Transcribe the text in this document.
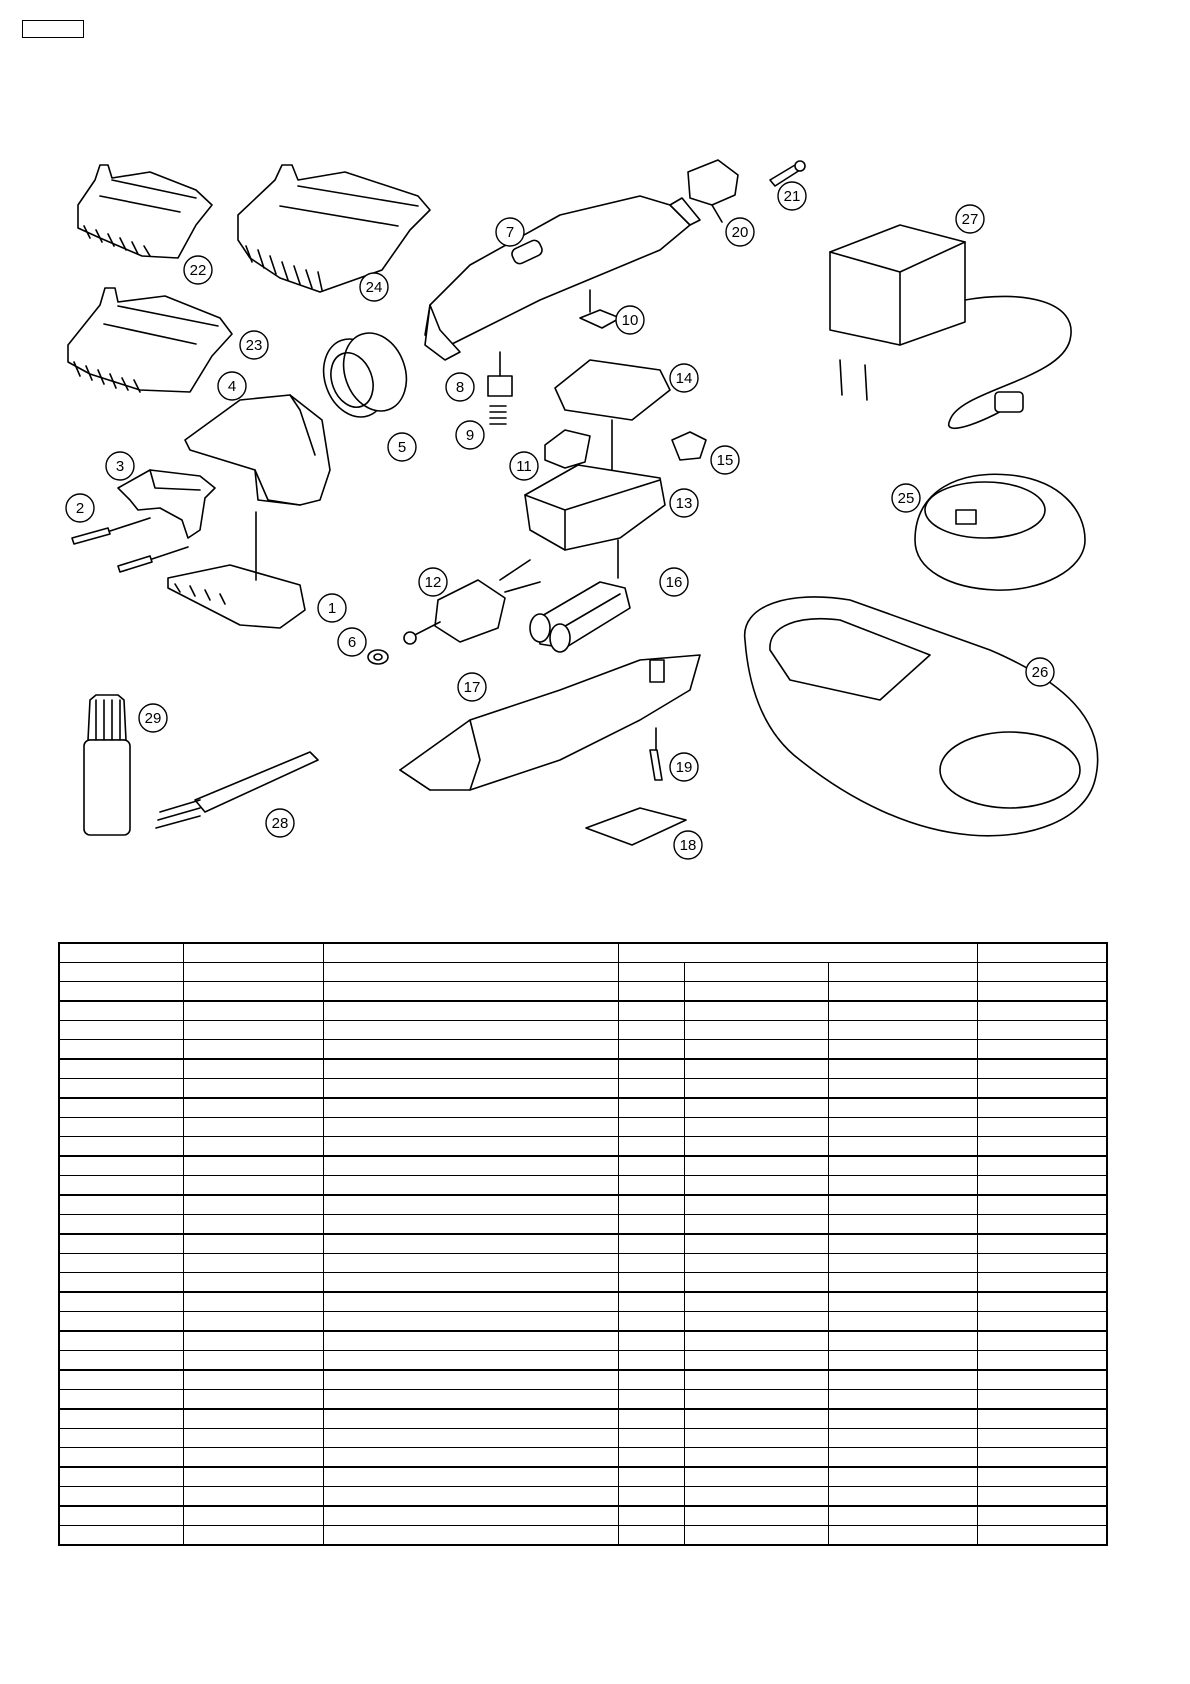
1
2
3
4
5
6
7
8
9
10
11
12
13
14
15
16
17
18
19
20
21
22
23
24
25
26
27
28
29
